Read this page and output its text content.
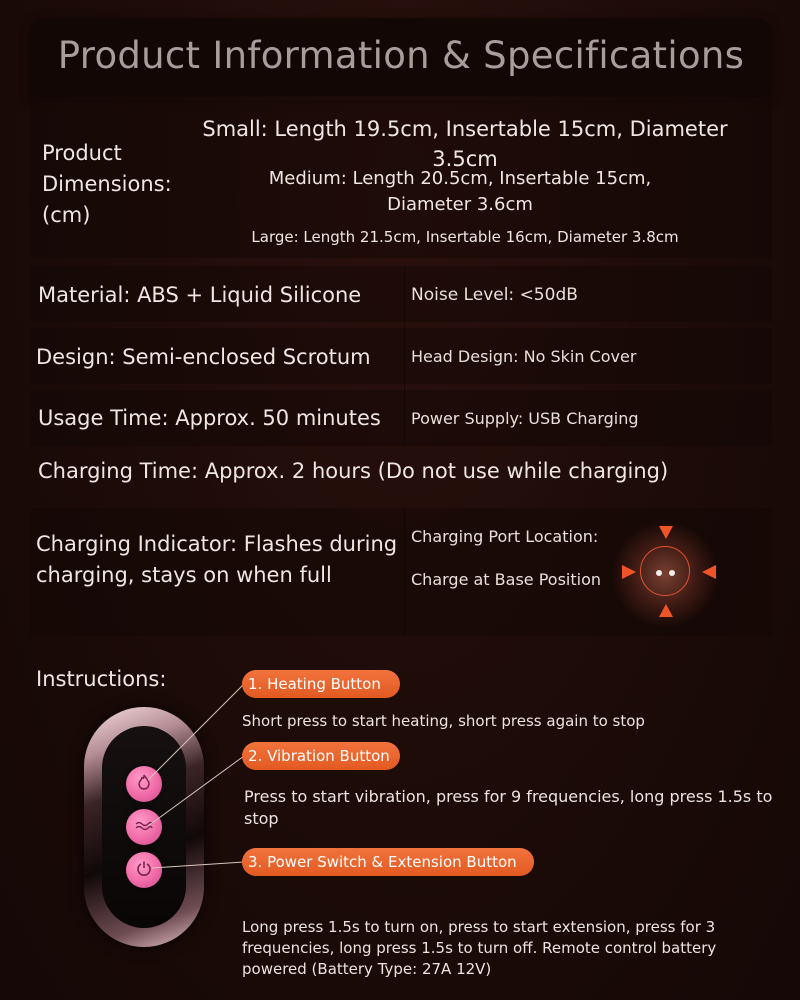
Product Information & Specifications
Product Dimensions: (cm)
Small: Length 19.5cm, Insertable 15cm, Diameter 3.5cm
Medium: Length 20.5cm, Insertable 15cm, Diameter 3.6cm
Large: Length 21.5cm, Insertable 16cm, Diameter 3.8cm
Material: ABS + Liquid Silicone	Noise Level: <50dB
Design: Semi-enclosed Scrotum	Head Design: No Skin Cover
Usage Time: Approx. 50 minutes Power Supply: USB Charging
Charging Time: Approx. 2 hours (Do not use while charging)
Charging Indicator: Flashes during charging, stays on when full
Charging Port Location:
Charge at Base Position
Instructions:	1. Heating Button
2. Vibration Button
3. Power Switch & Extension Button
Short press to start heating, short press again to stop
Press to start vibration, press for 9 frequencies, long press 1.5s to stop
Long press 1.5s to turn on, press to start extension, press for 3 frequencies, long press 1.5s to turn off. Remote control battery powered (Battery Type: 27A 12V)
